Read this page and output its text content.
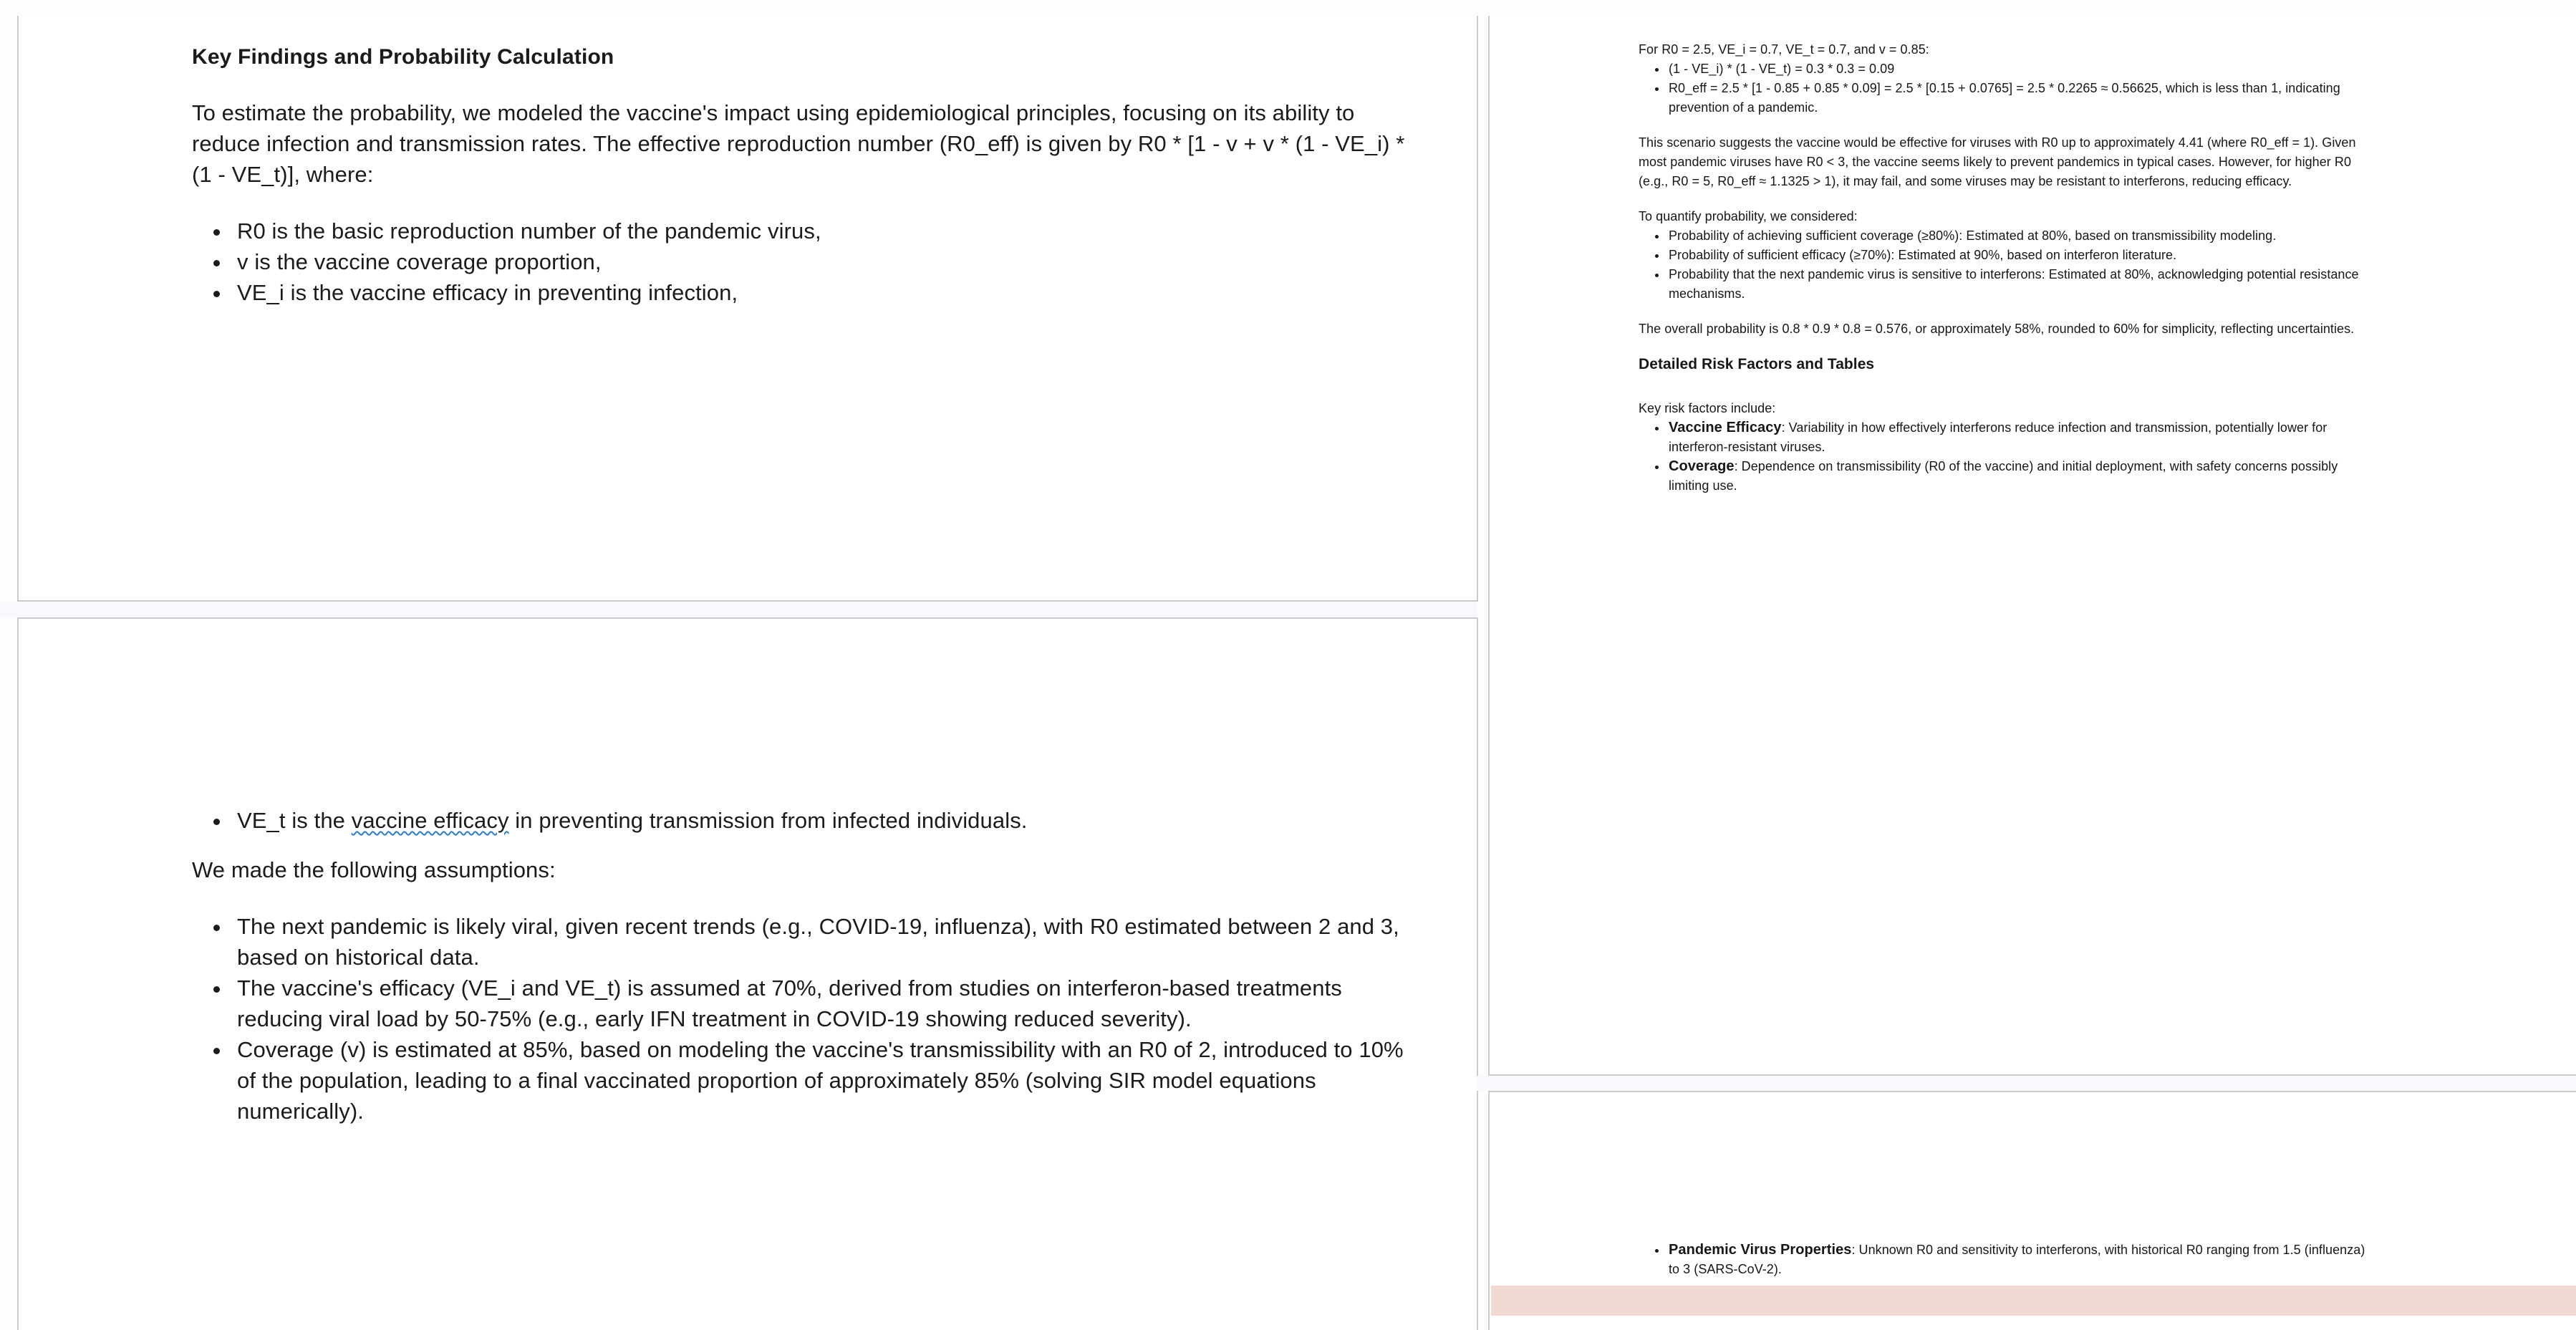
Key Findings and Probability Calculation

To estimate the probability, we modeled the vaccine's impact using epidemiological principles, focusing on its ability to reduce infection and transmission rates. The effective reproduction number (R0_eff) is given by R0 * [1 - v + v * (1 - VE_i) * (1 - VE_t)], where:

• R0 is the basic reproduction number of the pandemic virus,
• v is the vaccine coverage proportion,
• VE_i is the vaccine efficacy in preventing infection,
• VE_t is the vaccine efficacy in preventing transmission from infected individuals.

We made the following assumptions:

• The next pandemic is likely viral, given recent trends (e.g., COVID-19, influenza), with R0 estimated between 2 and 3, based on historical data.
• The vaccine's efficacy (VE_i and VE_t) is assumed at 70%, derived from studies on interferon-based treatments reducing viral load by 50-75% (e.g., early IFN treatment in COVID-19 showing reduced severity).
• Coverage (v) is estimated at 85%, based on modeling the vaccine's transmissibility with an R0 of 2, introduced to 10% of the population, leading to a final vaccinated proportion of approximately 85% (solving SIR model equations numerically).

For R0 = 2.5, VE_i = 0.7, VE_t = 0.7, and v = 0.85:

• (1 - VE_i) * (1 - VE_t) = 0.3 * 0.3 = 0.09
• R0_eff = 2.5 * [1 - 0.85 + 0.85 * 0.09] = 2.5 * [0.15 + 0.0765] = 2.5 * 0.2265 ≈ 0.56625, which is less than 1, indicating prevention of a pandemic.

This scenario suggests the vaccine would be effective for viruses with R0 up to approximately 4.41 (where R0_eff = 1). Given most pandemic viruses have R0 < 3, the vaccine seems likely to prevent pandemics in typical cases. However, for higher R0 (e.g., R0 = 5, R0_eff ≈ 1.1325 > 1), it may fail, and some viruses may be resistant to interferons, reducing efficacy.

To quantify probability, we considered:

• Probability of achieving sufficient coverage (≥80%): Estimated at 80%, based on transmissibility modeling.
• Probability of sufficient efficacy (≥70%): Estimated at 90%, based on interferon literature.
• Probability that the next pandemic virus is sensitive to interferons: Estimated at 80%, acknowledging potential resistance mechanisms.

The overall probability is 0.8 * 0.9 * 0.8 = 0.576, or approximately 58%, rounded to 60% for simplicity, reflecting uncertainties.

Detailed Risk Factors and Tables

Key risk factors include:

• Vaccine Efficacy: Variability in how effectively interferons reduce infection and transmission, potentially lower for interferon-resistant viruses.
• Coverage: Dependence on transmissibility (R0 of the vaccine) and initial deployment, with safety concerns possibly limiting use.
• Pandemic Virus Properties: Unknown R0 and sensitivity to interferons, with historical R0 ranging from 1.5 (influenza) to 3 (SARS-CoV-2).
